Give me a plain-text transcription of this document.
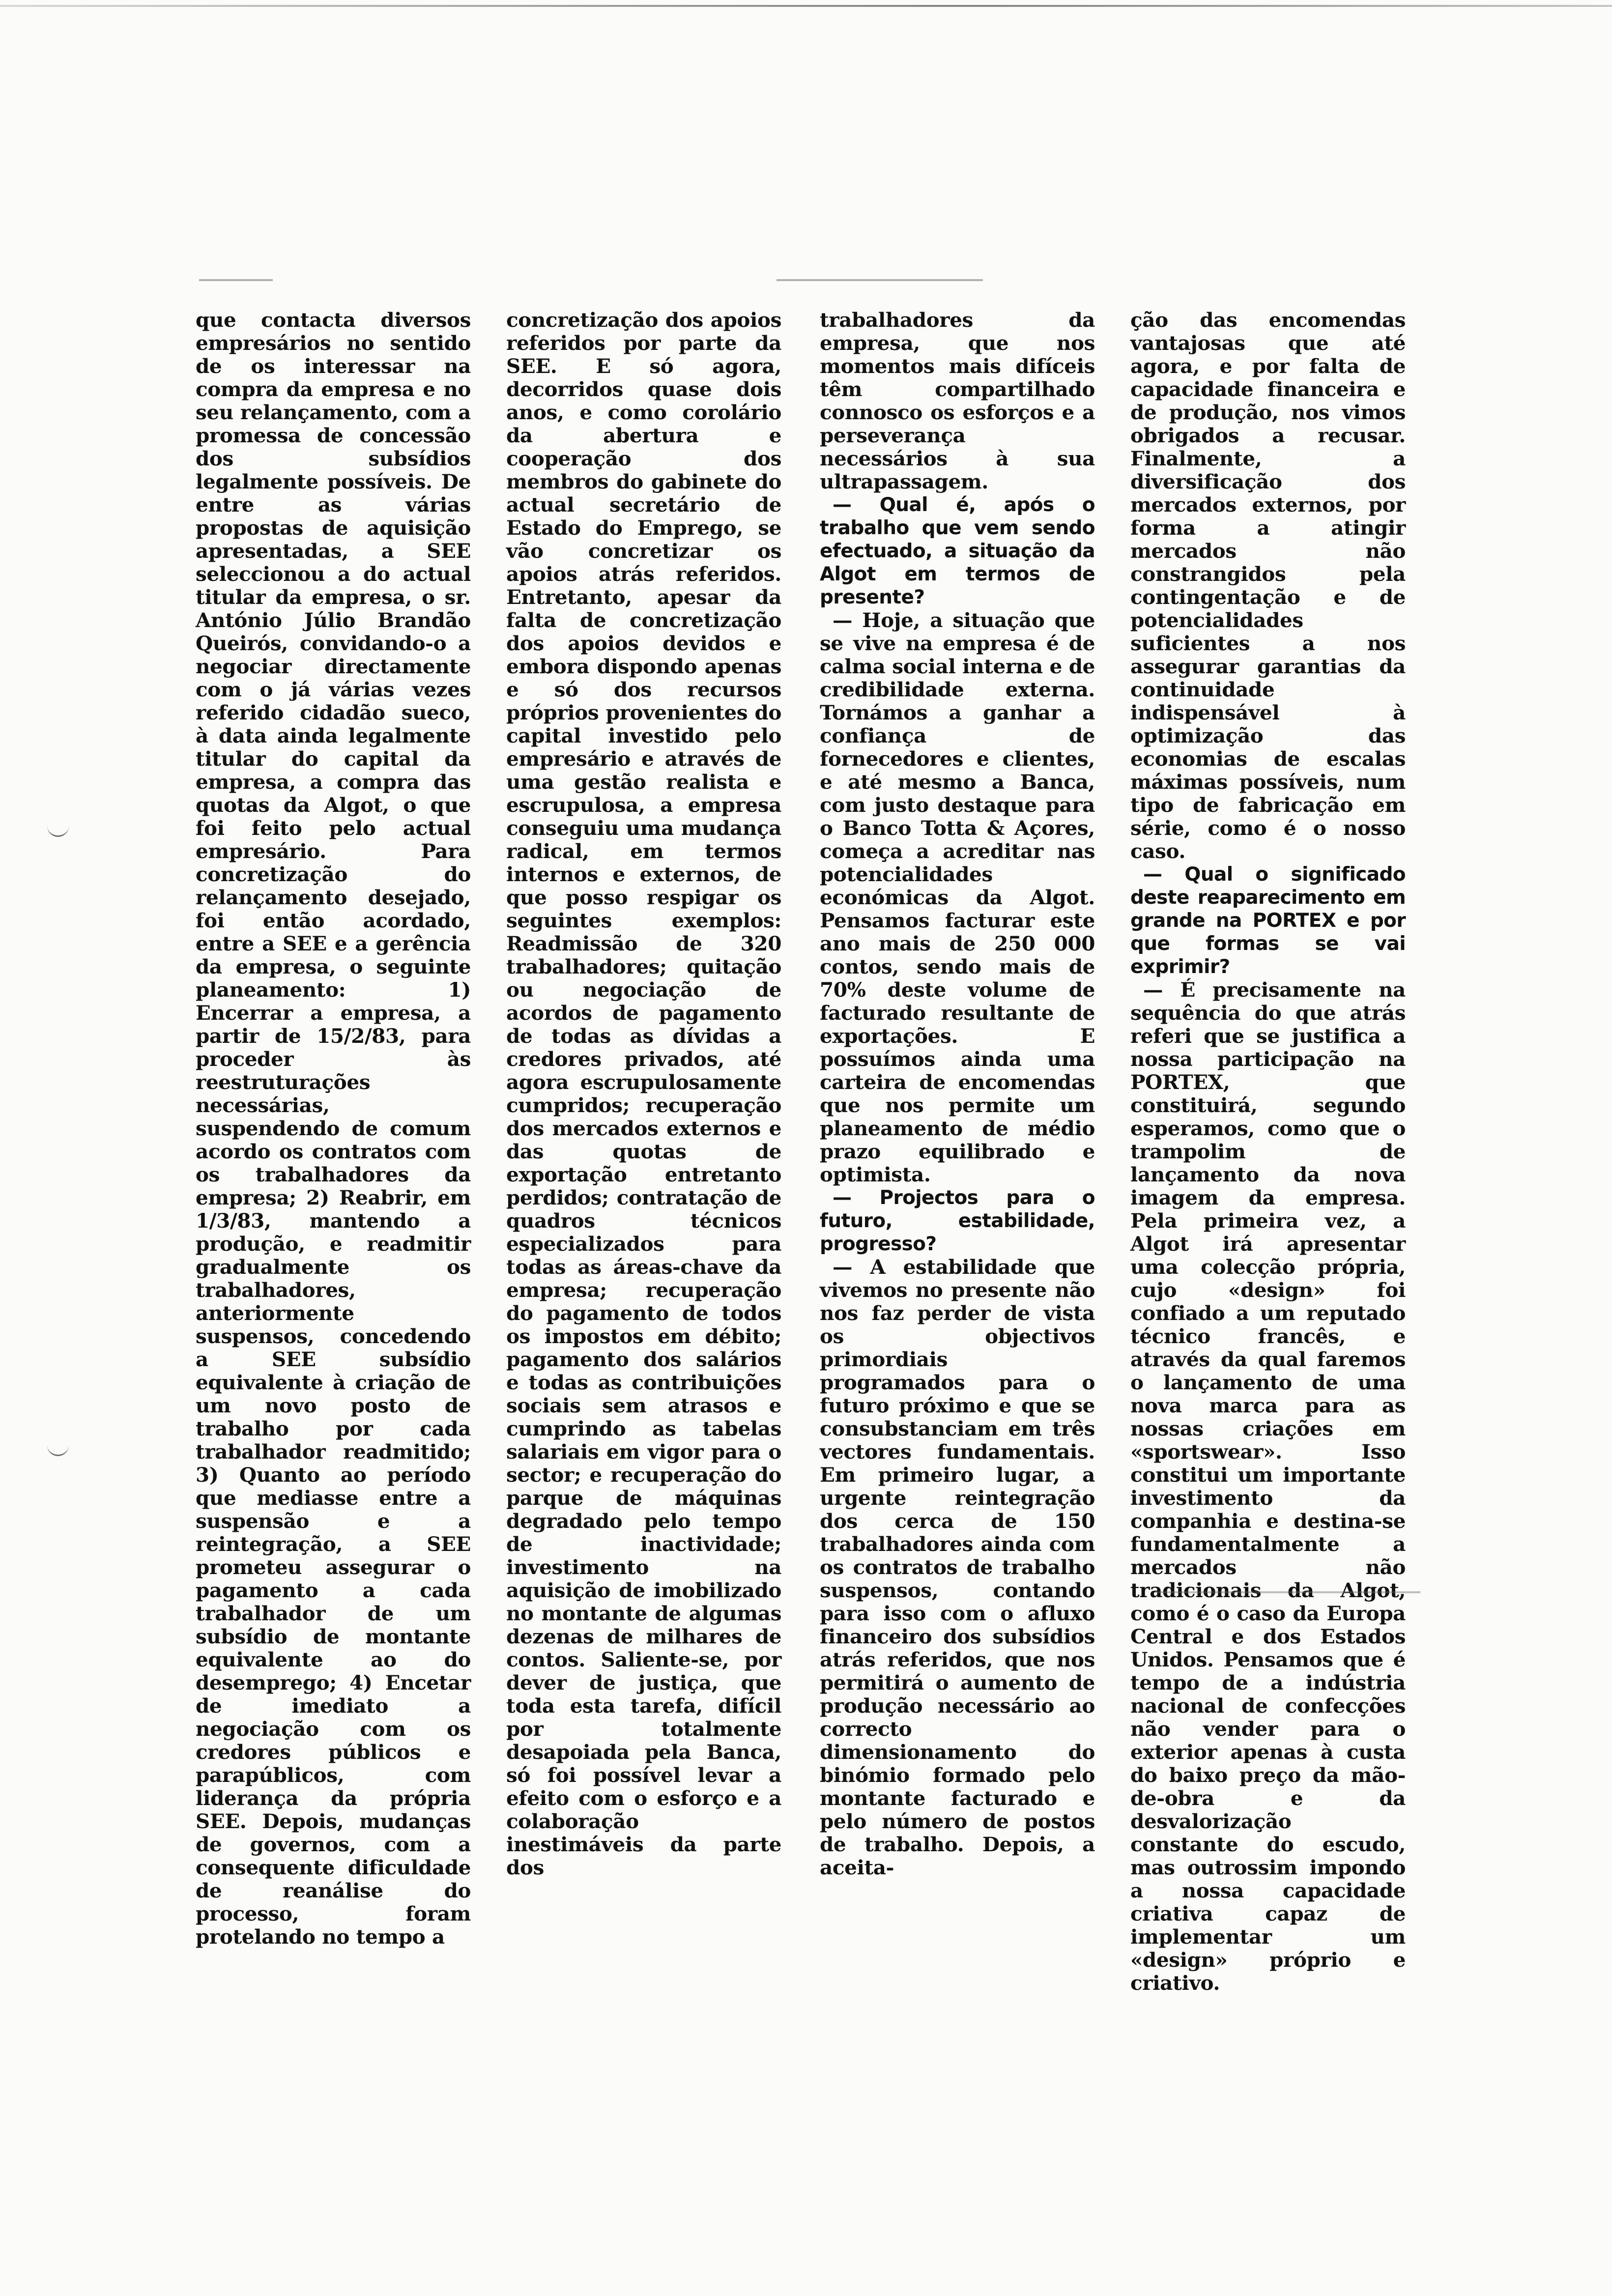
que contacta diversos empresários no sentido de os interessar na compra da empresa e no seu relançamento, com a promessa de concessão dos subsídios legalmente possíveis. De entre as várias propostas de aquisição apresentadas, a SEE seleccionou a do actual titular da empresa, o sr. António Júlio Brandão Queirós, convidando-o a negociar directamente com o já várias vezes referido cidadão sueco, à data ainda legalmente titular do capital da empresa, a compra das quotas da Algot, o que foi feito pelo actual empresário. Para concretização do relançamento desejado, foi então acordado, entre a SEE e a gerência da empresa, o seguinte planeamento: 1) Encerrar a empresa, a partir de 15/2/83, para proceder às reestruturações necessárias, suspendendo de comum acordo os contratos com os trabalhadores da empresa; 2) Reabrir, em 1/3/83, mantendo a produção, e readmitir gradualmente os trabalhadores, anteriormente suspensos, concedendo a SEE subsídio equivalente à criação de um novo posto de trabalho por cada trabalhador readmitido; 3) Quanto ao período que mediasse entre a suspensão e a reintegração, a SEE prometeu assegurar o pagamento a cada trabalhador de um subsídio de montante equivalente ao do desemprego; 4) Encetar de imediato a negociação com os credores públicos e parapúblicos, com liderança da própria SEE. Depois, mudanças de governos, com a consequente dificuldade de reanálise do processo, foram protelando no tempo a

concretização dos apoios referidos por parte da SEE. E só agora, decorridos quase dois anos, e como corolário da abertura e cooperação dos membros do gabinete do actual secretário de Estado do Emprego, se vão concretizar os apoios atrás referidos. Entretanto, apesar da falta de concretização dos apoios devidos e embora dispondo apenas e só dos recursos próprios provenientes do capital investido pelo empresário e através de uma gestão realista e escrupulosa, a empresa conseguiu uma mudança radical, em termos internos e externos, de que posso respigar os seguintes exemplos: Readmissão de 320 trabalhadores; quitação ou negociação de acordos de pagamento de todas as dívidas a credores privados, até agora escrupulosamente cumpridos; recuperação dos mercados externos e das quotas de exportação entretanto perdidos; contratação de quadros técnicos especializados para todas as áreas-chave da empresa; recuperação do pagamento de todos os impostos em débito; pagamento dos salários e todas as contribuições sociais sem atrasos e cumprindo as tabelas salariais em vigor para o sector; e recuperação do parque de máquinas degradado pelo tempo de inactividade; investimento na aquisição de imobilizado no montante de algumas dezenas de milhares de contos. Saliente-se, por dever de justiça, que toda esta tarefa, difícil por totalmente desapoiada pela Banca, só foi possível levar a efeito com o esforço e a colaboração inestimáveis da parte dos

trabalhadores da empresa, que nos momentos mais difíceis têm compartilhado connosco os esforços e a perseverança necessários à sua ultrapassagem.

— Qual é, após o trabalho que vem sendo efectuado, a situação da Algot em termos de presente?

— Hoje, a situação que se vive na empresa é de calma social interna e de credibilidade externa. Tornámos a ganhar a confiança de fornecedores e clientes, e até mesmo a Banca, com justo destaque para o Banco Totta & Açores, começa a acreditar nas potencialidades económicas da Algot. Pensamos facturar este ano mais de 250 000 contos, sendo mais de 70% deste volume de facturado resultante de exportações. E possuímos ainda uma carteira de encomendas que nos permite um planeamento de médio prazo equilibrado e optimista.

— Projectos para o futuro, estabilidade, progresso?

— A estabilidade que vivemos no presente não nos faz perder de vista os objectivos primordiais programados para o futuro próximo e que se consubstanciam em três vectores fundamentais. Em primeiro lugar, a urgente reintegração dos cerca de 150 trabalhadores ainda com os contratos de trabalho suspensos, contando para isso com o afluxo financeiro dos subsídios atrás referidos, que nos permitirá o aumento de produção necessário ao correcto dimensionamento do binómio formado pelo montante facturado e pelo número de postos de trabalho. Depois, a aceita-

ção das encomendas vantajosas que até agora, e por falta de capacidade financeira e de produção, nos vimos obrigados a recusar. Finalmente, a diversificação dos mercados externos, por forma a atingir mercados não constrangidos pela contingentação e de potencialidades suficientes a nos assegurar garantias da continuidade indispensável à optimização das economias de escalas máximas possíveis, num tipo de fabricação em série, como é o nosso caso.

— Qual o significado deste reaparecimento em grande na PORTEX e por que formas se vai exprimir?

— É precisamente na sequência do que atrás referi que se justifica a nossa participação na PORTEX, que constituirá, segundo esperamos, como que o trampolim de lançamento da nova imagem da empresa. Pela primeira vez, a Algot irá apresentar uma colecção própria, cujo «design» foi confiado a um reputado técnico francês, e através da qual faremos o lançamento de uma nova marca para as nossas criações em «sportswear». Isso constitui um importante investimento da companhia e destina-se fundamentalmente a mercados não tradicionais da Algot, como é o caso da Europa Central e dos Estados Unidos. Pensamos que é tempo de a indústria nacional de confecções não vender para o exterior apenas à custa do baixo preço da mão-de-obra e da desvalorização constante do escudo, mas outrossim impondo a nossa capacidade criativa capaz de implementar um «design» próprio e criativo.
